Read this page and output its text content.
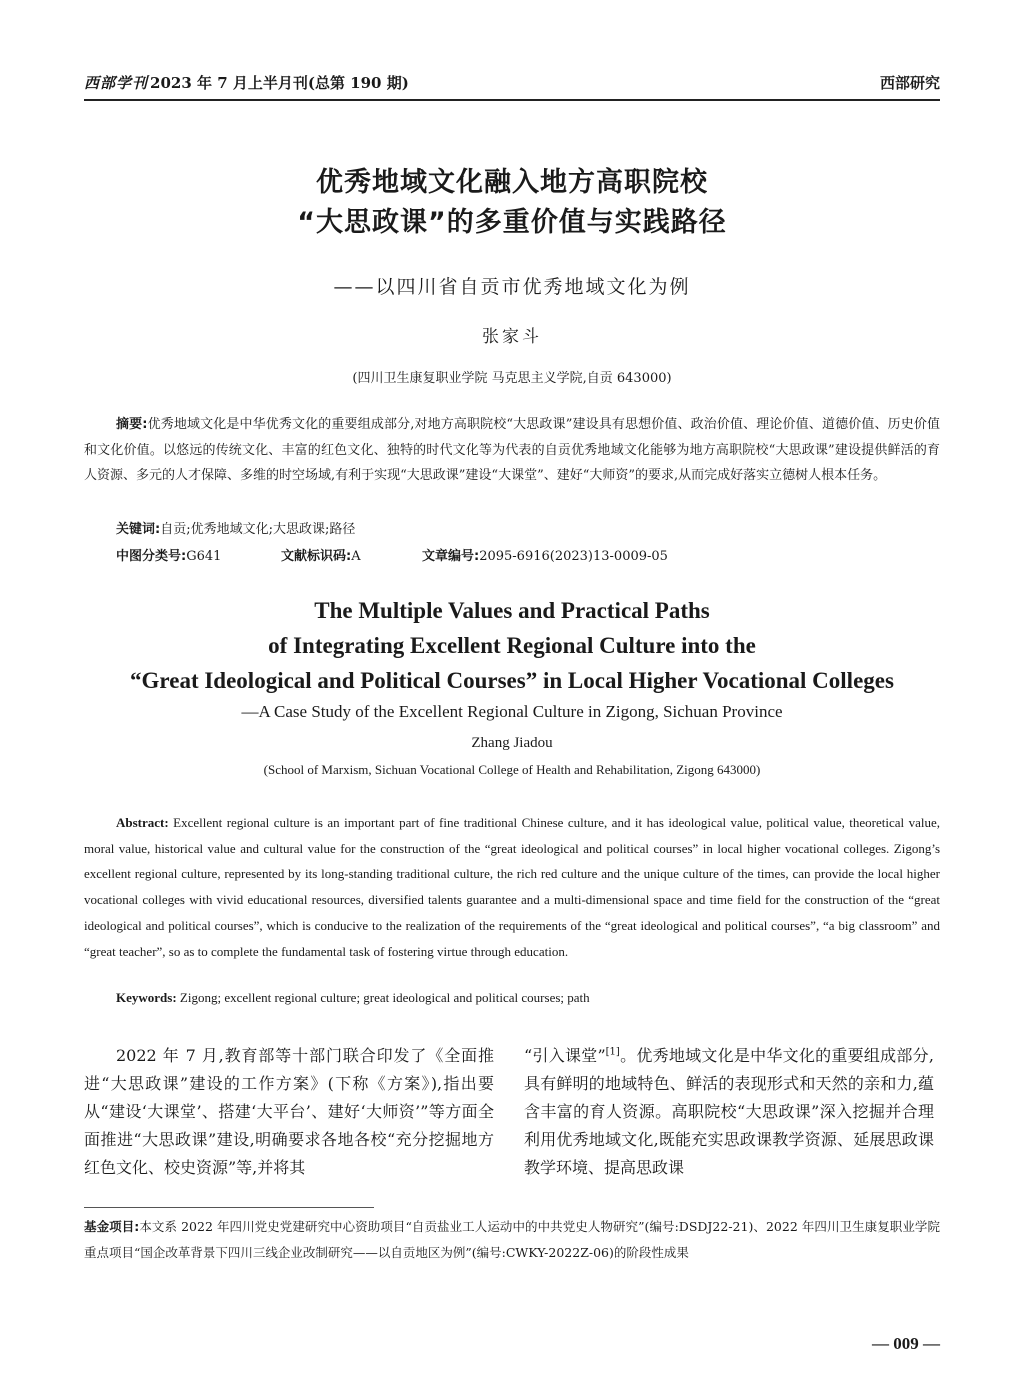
西部学刊 2023 年 7 月上半月刊(总第 190 期)	西部研究
优秀地域文化融入地方高职院校
“大思政课”的多重价值与实践路径
——以四川省自贡市优秀地域文化为例
张家斗
(四川卫生康复职业学院 马克思主义学院,自贡 643000)
摘要:优秀地域文化是中华优秀文化的重要组成部分,对地方高职院校“大思政课”建设具有思想价值、政治价值、理论价值、道德价值、历史价值和文化价值。以悠远的传统文化、丰富的红色文化、独特的时代文化等为代表的自贡优秀地域文化能够为地方高职院校“大思政课”建设提供鲜活的育人资源、多元的人才保障、多维的时空场域,有利于实现“大思政课”建设“大课堂”、建好“大师资”的要求,从而完成好落实立德树人根本任务。
关键词:自贡;优秀地域文化;大思政课;路径
中图分类号:G641	文献标识码:A	文章编号:2095-6916(2023)13-0009-05
The Multiple Values and Practical Paths
of Integrating Excellent Regional Culture into the
“Great Ideological and Political Courses” in Local Higher Vocational Colleges
—A Case Study of the Excellent Regional Culture in Zigong, Sichuan Province
Zhang Jiadou
(School of Marxism, Sichuan Vocational College of Health and Rehabilitation, Zigong 643000)
Abstract: Excellent regional culture is an important part of fine traditional Chinese culture, and it has ideological value, political value, theoretical value, moral value, historical value and cultural value for the construction of the “great ideological and political courses” in local higher vocational colleges. Zigong’s excellent regional culture, represented by its long-standing traditional culture, the rich red culture and the unique culture of the times, can provide the local higher vocational colleges with vivid educational resources, diversified talents guarantee and a multi-dimensional space and time field for the construction of the “great ideological and political courses”, which is conducive to the realization of the requirements of the “great ideological and political courses”, “a big classroom” and “great teacher”, so as to complete the fundamental task of fostering virtue through education.
Keywords: Zigong; excellent regional culture; great ideological and political courses; path
2022 年 7 月,教育部等十部门联合印发了《全面推进“大思政课”建设的工作方案》(下称《方案》),指出要从“建设‘大课堂’、搭建‘大平台’、建好‘大师资’”等方面全面推进“大思政课”建设,明确要求各地各校“充分挖掘地方红色文化、校史资源”等,并将其
“引入课堂”[1]。优秀地域文化是中华文化的重要组成部分,具有鲜明的地域特色、鲜活的表现形式和天然的亲和力,蕴含丰富的育人资源。高职院校“大思政课”深入挖掘并合理利用优秀地域文化,既能充实思政课教学资源、延展思政课教学环境、提高思政课
基金项目:本文系 2022 年四川党史党建研究中心资助项目“自贡盐业工人运动中的中共党史人物研究”(编号:DSDJ22-21)、2022 年四川卫生康复职业学院重点项目“国企改革背景下四川三线企业改制研究——以自贡地区为例”(编号:CWKY-2022Z-06)的阶段性成果
— 009 —
